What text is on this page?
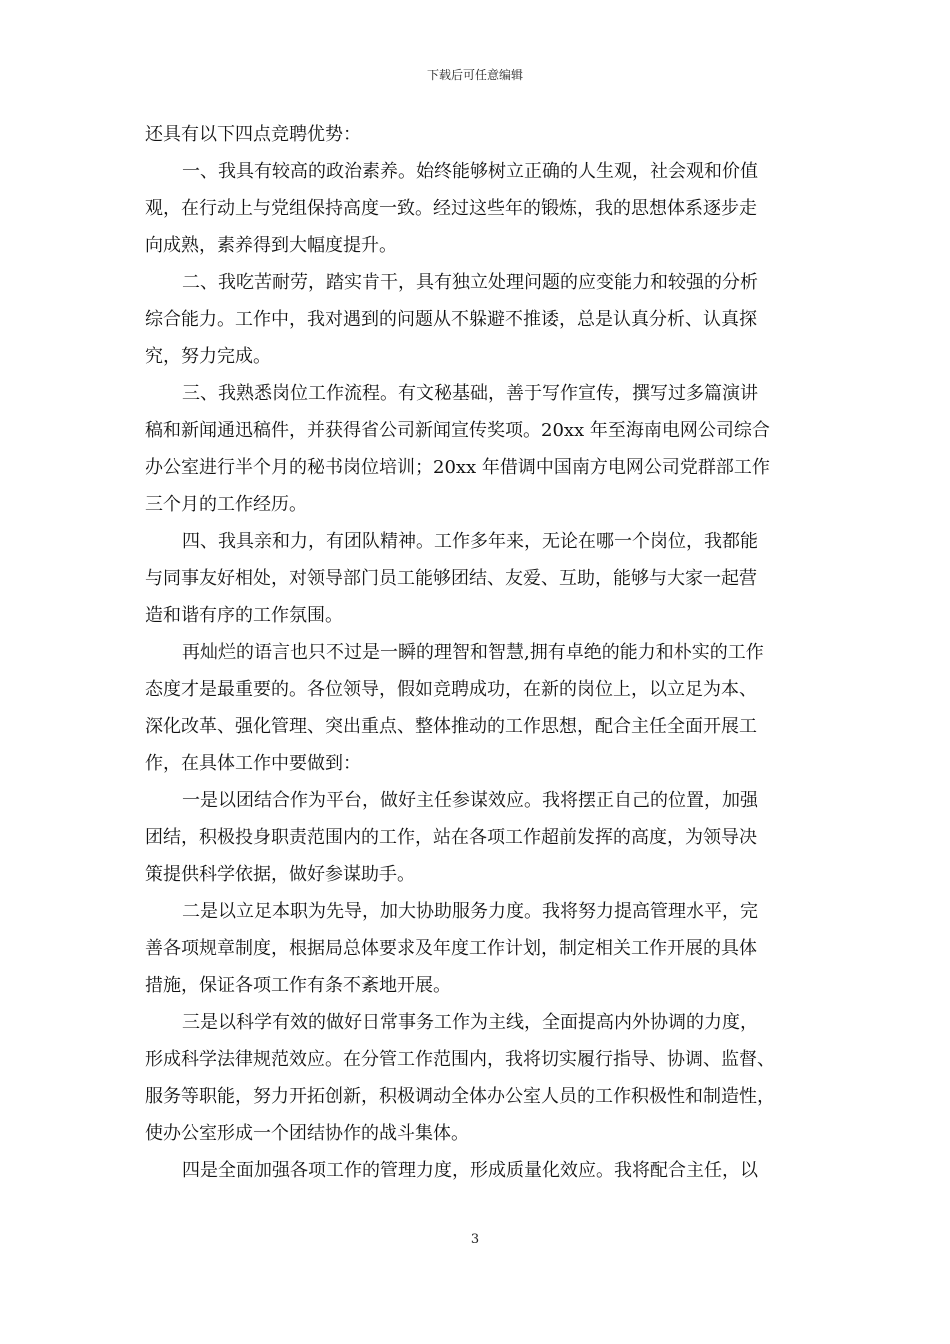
下载后可任意编辑
还具有以下四点竞聘优势：
一、我具有较高的政治素养。始终能够树立正确的人生观，社会观和价值
观，在行动上与党组保持高度一致。经过这些年的锻炼，我的思想体系逐步走
向成熟，素养得到大幅度提升。
二、我吃苦耐劳，踏实肯干，具有独立处理问题的应变能力和较强的分析
综合能力。工作中，我对遇到的问题从不躲避不推诿，总是认真分析、认真探
究，努力完成。
三、我熟悉岗位工作流程。有文秘基础，善于写作宣传，撰写过多篇演讲
稿和新闻通迅稿件，并获得省公司新闻宣传奖项。20xx 年至海南电网公司综合
办公室进行半个月的秘书岗位培训；20xx 年借调中国南方电网公司党群部工作
三个月的工作经历。
四、我具亲和力，有团队精神。工作多年来，无论在哪一个岗位，我都能
与同事友好相处，对领导部门员工能够团结、友爱、互助，能够与大家一起营
造和谐有序的工作氛围。
再灿烂的语言也只不过是一瞬的理智和智慧,拥有卓绝的能力和朴实的工作
态度才是最重要的。各位领导，假如竞聘成功，在新的岗位上，以立足为本、
深化改革、强化管理、突出重点、整体推动的工作思想，配合主任全面开展工
作，在具体工作中要做到：
一是以团结合作为平台，做好主任参谋效应。我将摆正自己的位置，加强
团结，积极投身职责范围内的工作，站在各项工作超前发挥的高度，为领导决
策提供科学依据，做好参谋助手。
二是以立足本职为先导，加大协助服务力度。我将努力提高管理水平，完
善各项规章制度，根据局总体要求及年度工作计划，制定相关工作开展的具体
措施，保证各项工作有条不紊地开展。
三是以科学有效的做好日常事务工作为主线，全面提高内外协调的力度，
形成科学法律规范效应。在分管工作范围内，我将切实履行指导、协调、监督、
服务等职能，努力开拓创新，积极调动全体办公室人员的工作积极性和制造性，
使办公室形成一个团结协作的战斗集体。
四是全面加强各项工作的管理力度，形成质量化效应。我将配合主任，以
3
